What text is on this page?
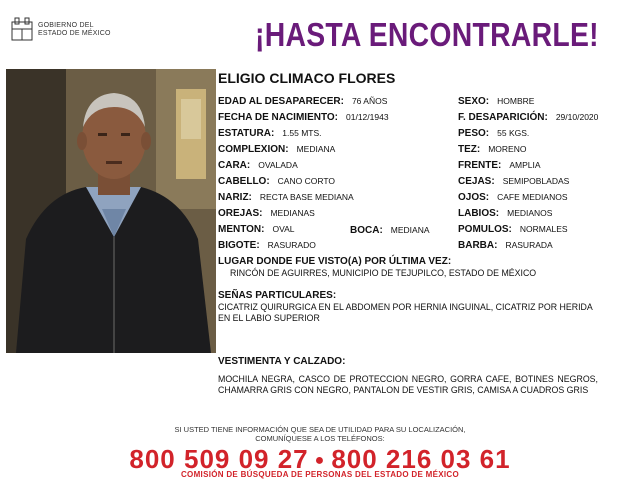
GOBIERNO DEL
ESTADO DE MÉXICO	¡HASTA ENCONTRARLE!
ELIGIO CLIMACO FLORES
EDAD AL DESAPARECER: 76 AÑOS
FECHA DE NACIMIENTO: 01/12/1943
ESTATURA: 1.55 MTS.
COMPLEXION: MEDIANA
CARA: OVALADA
CABELLO: CANO CORTO
NARIZ: RECTA BASE MEDIANA
OREJAS: MEDIANAS
MENTON: OVAL	BOCA: MEDIANA
BIGOTE: RASURADO
SEXO: HOMBRE
F. DESAPARICIÓN: 29/10/2020
PESO: 55 KGS.
TEZ: MORENO
FRENTE: AMPLIA
CEJAS: SEMIPOBLADAS
OJOS: CAFE MEDIANOS
LABIOS: MEDIANOS
POMULOS: NORMALES
BARBA: RASURADA
LUGAR DONDE FUE VISTO(A) POR ÚLTIMA VEZ:
RINCÓN DE AGUIRRES, MUNICIPIO DE TEJUPILCO, ESTADO DE MÉXICO
SEÑAS PARTICULARES:
CICATRIZ QUIRURGICA EN EL ABDOMEN POR HERNIA INGUINAL, CICATRIZ POR HERIDA EN EL LABIO SUPERIOR
VESTIMENTA Y CALZADO:
MOCHILA NEGRA, CASCO DE PROTECCION NEGRO, GORRA CAFE, BOTINES NEGROS, CHAMARRA GRIS CON NEGRO, PANTALON DE VESTIR GRIS, CAMISA A CUADROS GRIS
SI USTED TIENE INFORMACIÓN QUE SEA DE UTILIDAD PARA SU LOCALIZACIÓN,
COMUNÍQUESE A LOS TELÉFONOS:
800 509 09 27 ● 800 216 03 61
COMISIÓN DE BÚSQUEDA DE PERSONAS DEL ESTADO DE MÉXICO
